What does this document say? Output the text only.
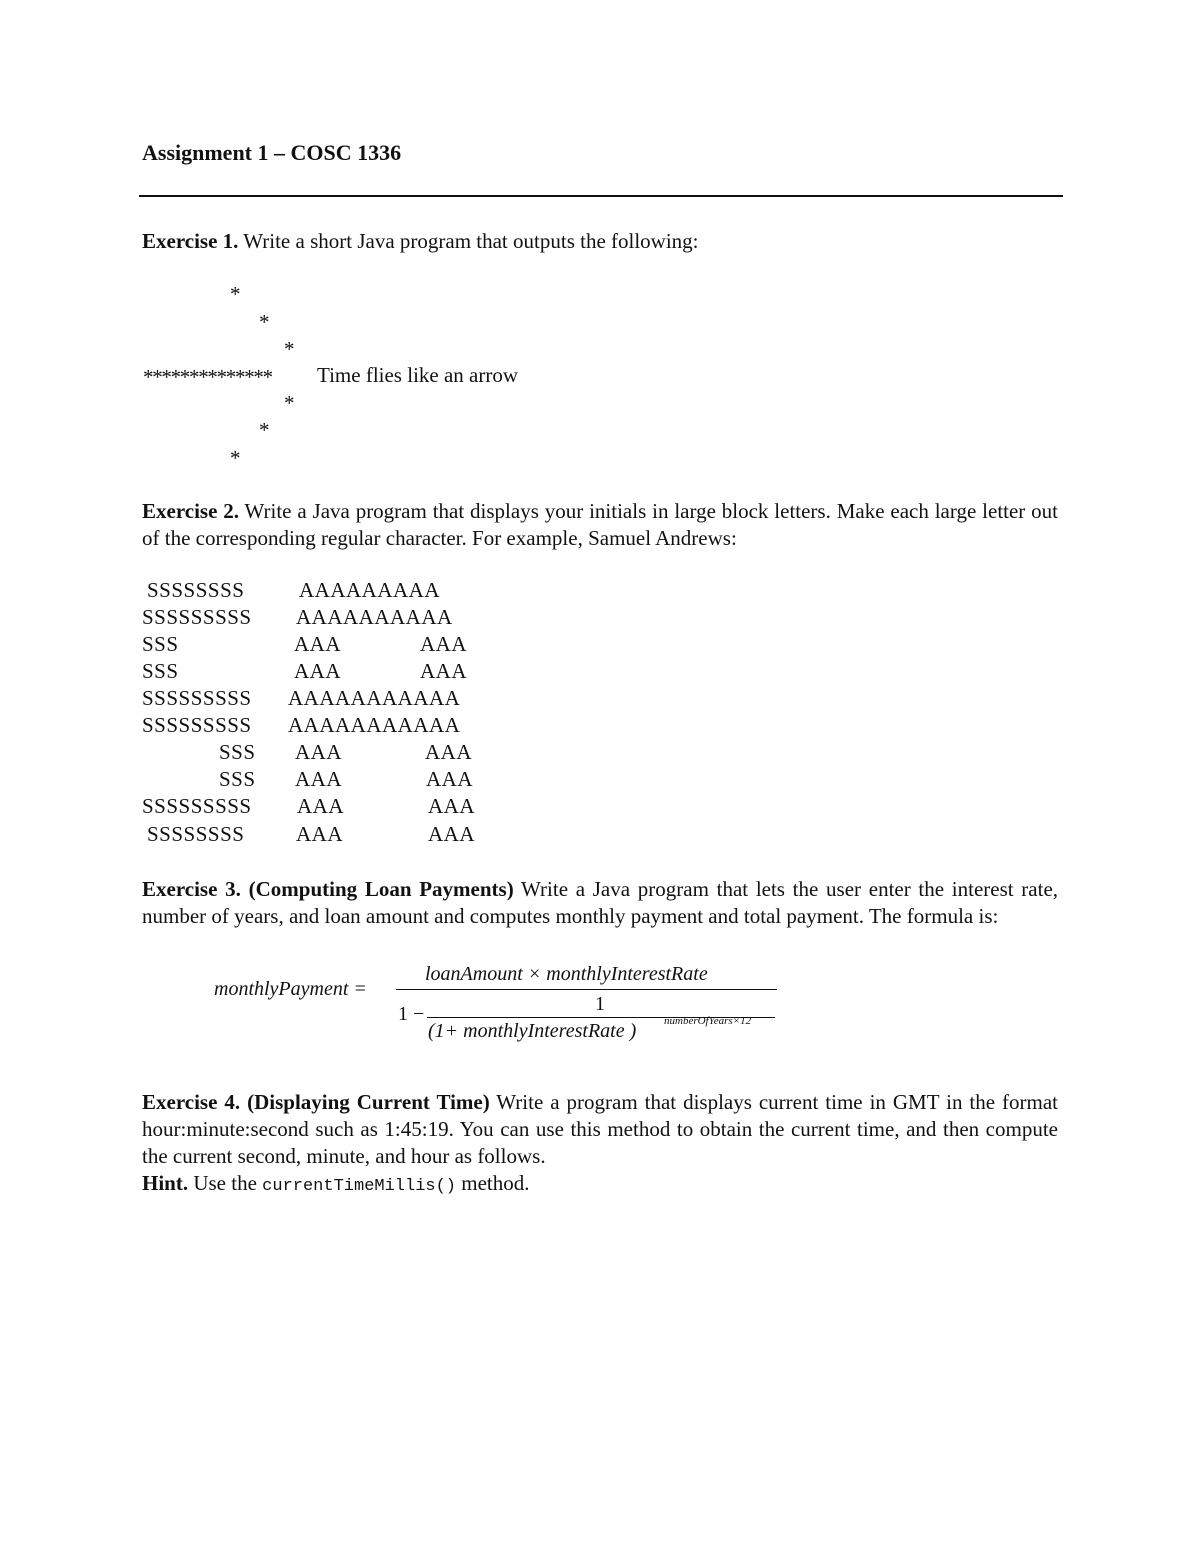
Assignment 1 – COSC 1336
Exercise 1. Write a short Java program that outputs the following:
*
*
*
************** Time flies like an arrow
*
*
*
Exercise 2. Write a Java program that displays your initials in large block letters. Make each large letter out of the corresponding regular character. For example, Samuel Andrews:
SSSSSSSS	AAAAAAAAA
SSSSSSSSS AAAAAAAAAA
SSS	AAA	AAA
SSS	AAA	AAA
SSSSSSSSS AAAAAAAAAAA
SSSSSSSSS AAAAAAAAAAA
SSS AAA	AAA
SSS AAA	AAA
SSSSSSSSS AAA	AAA
SSSSSSSS AAA	AAA
Exercise 3. (Computing Loan Payments) Write a Java program that lets the user enter the interest rate, number of years, and loan amount and computes monthly payment and total payment. The formula is:
monthlyPayment =
loanAmount × monthlyInterestRate
1 −	1
(1+ monthlyInterestRate )	numberOfYears×12
Exercise 4. (Displaying Current Time) Write a program that displays current time in GMT in the format hour:minute:second such as 1:45:19. You can use this method to obtain the current time, and then compute the current second, minute, and hour as follows.
Hint. Use the currentTimeMillis() method.
